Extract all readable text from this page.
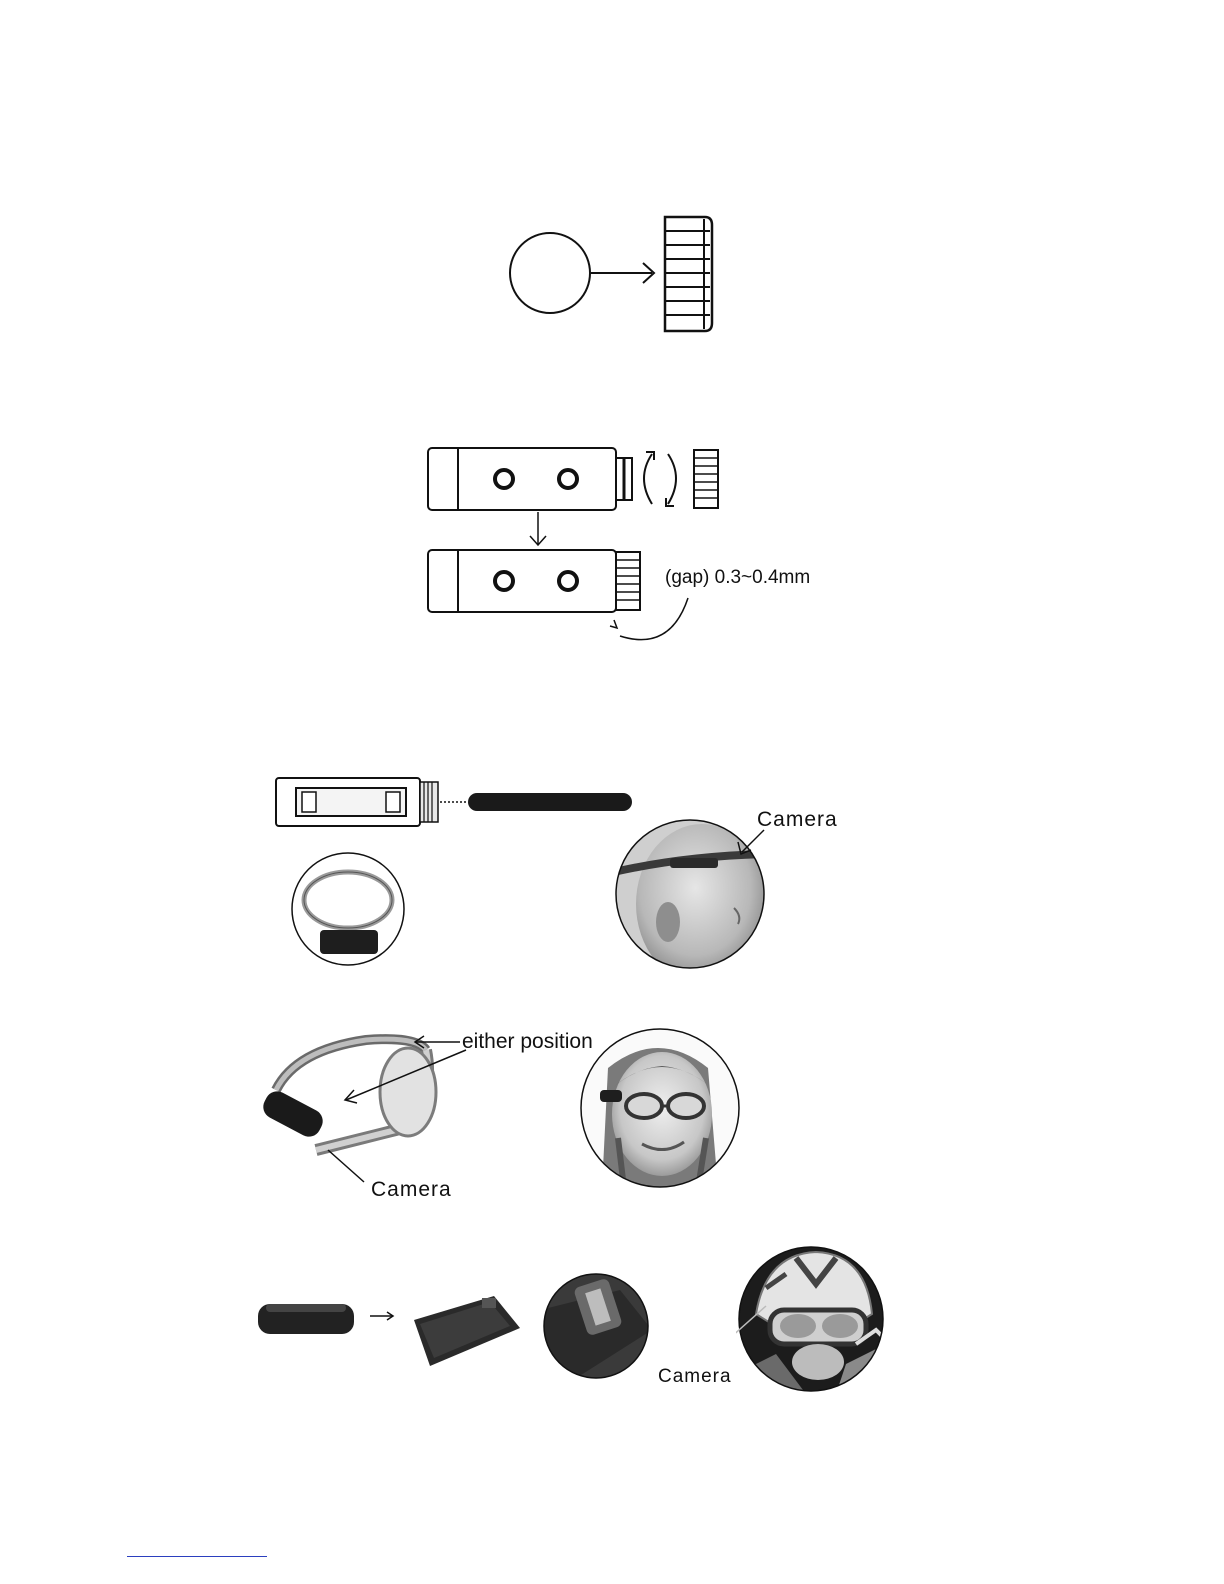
(gap) 0.3~0.4mm
Camera
either position
Camera
Camera
